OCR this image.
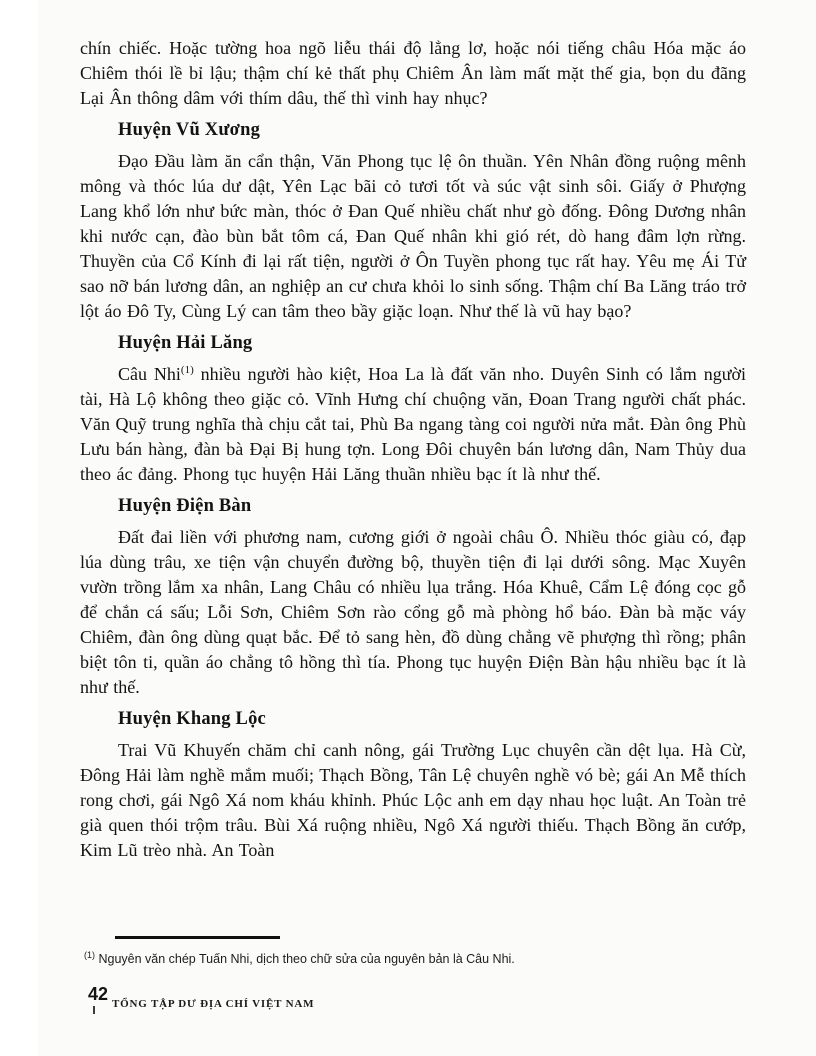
chín chiếc. Hoặc tường hoa ngõ liễu thái độ lẳng lơ, hoặc nói tiếng châu Hóa mặc áo Chiêm thói lề bỉ lậu; thậm chí kẻ thất phụ Chiêm Ân làm mất mặt thế gia, bọn du đãng Lại Ân thông dâm với thím dâu, thế thì vinh hay nhục?

Huyện Vũ Xương

Đạo Đầu làm ăn cẩn thận, Văn Phong tục lệ ôn thuần. Yên Nhân đồng ruộng mênh mông và thóc lúa dư dật, Yên Lạc bãi cỏ tươi tốt và súc vật sinh sôi. Giấy ở Phượng Lang khổ lớn như bức màn, thóc ở Đan Quế nhiều chất như gò đống. Đông Dương nhân khi nước cạn, đào bùn bắt tôm cá, Đan Quế nhân khi gió rét, dò hang đâm lợn rừng. Thuyền của Cổ Kính đi lại rất tiện, người ở Ôn Tuyền phong tục rất hay. Yêu mẹ Ái Tử sao nỡ bán lương dân, an nghiệp an cư chưa khỏi lo sinh sống. Thậm chí Ba Lăng tráo trở lột áo Đô Ty, Cùng Lý can tâm theo bầy giặc loạn. Như thế là vũ hay bạo?

Huyện Hải Lăng

Câu Nhi$^{(1)}$ nhiều người hào kiệt, Hoa La là đất văn nho. Duyên Sinh có lắm người tài, Hà Lộ không theo giặc cỏ. Vĩnh Hưng chí chuộng văn, Đoan Trang người chất phác. Văn Quỹ trung nghĩa thà chịu cắt tai, Phù Ba ngang tàng coi người nửa mắt. Đàn ông Phù Lưu bán hàng, đàn bà Đại Bị hung tợn. Long Đôi chuyên bán lương dân, Nam Thủy dua theo ác đảng. Phong tục huyện Hải Lăng thuần nhiều bạc ít là như thế.

Huyện Điện Bàn

Đất đai liền với phương nam, cương giới ở ngoài châu Ô. Nhiều thóc giàu có, đạp lúa dùng trâu, xe tiện vận chuyển đường bộ, thuyền tiện đi lại dưới sông. Mạc Xuyên vườn trồng lắm xa nhân, Lang Châu có nhiều lụa trắng. Hóa Khuê, Cẩm Lệ đóng cọc gỗ để chắn cá sấu; Lỗi Sơn, Chiêm Sơn rào cổng gỗ mà phòng hổ báo. Đàn bà mặc váy Chiêm, đàn ông dùng quạt bắc. Để tỏ sang hèn, đồ dùng chẳng vẽ phượng thì rồng; phân biệt tôn ti, quần áo chẳng tô hồng thì tía. Phong tục huyện Điện Bàn hậu nhiều bạc ít là như thế.

Huyện Khang Lộc

Trai Vũ Khuyến chăm chỉ canh nông, gái Trường Lục chuyên cần dệt lụa. Hà Cừ, Đông Hải làm nghề mắm muối; Thạch Bồng, Tân Lệ chuyên nghề vó bè; gái An Mễ thích rong chơi, gái Ngô Xá nom kháu khỉnh. Phúc Lộc anh em dạy nhau học luật. An Toàn trẻ già quen thói trộm trâu. Bùi Xá ruộng nhiều, Ngô Xá người thiếu. Thạch Bồng ăn cướp, Kim Lũ trèo nhà. An Toàn

$^{(1)}$ Nguyên văn chép Tuấn Nhi, dịch theo chữ sửa của nguyên bản là Câu Nhi.
42 TỔNG TẬP DƯ ĐỊA CHÍ VIỆT NAM
